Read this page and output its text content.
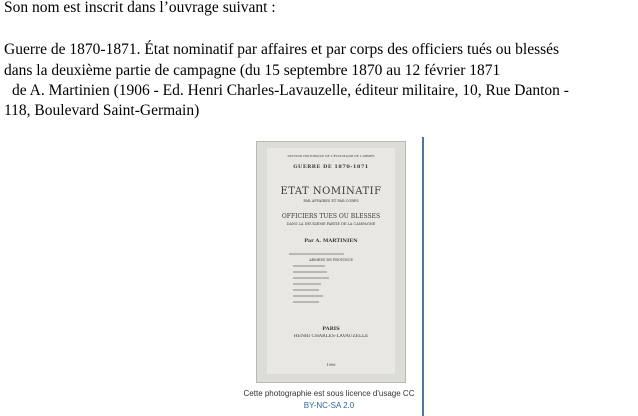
Son nom est inscrit dans l’ouvrage suivant :
Guerre de 1870-1871. État nominatif par affaires et par corps des officiers tués ou blessés
dans la deuxième partie de campagne (du 15 septembre 1870 au 12 février 1871
de A. Martinien (1906 - Ed. Henri Charles-Lavauzelle, éditeur militaire, 10, Rue Danton -
118, Boulevard Saint-Germain)
SECTION HISTORIQUE DE L'ÉTAT-MAJOR DE L'ARMÉE
GUERRE DE 1870-1871
ÉTAT NOMINATIF
PAR AFFAIRES ET PAR CORPS
OFFICIERS TUÉS OU BLESSÉS
DANS LA DEUXIÈME PARTIE DE LA CAMPAGNE
Par A. MARTINIEN
ARMÉES DE PROVINCE
PARIS
HENRI CHARLES-LAVAUZELLE
1906
Cette photographie est sous licence d'usage CC
BY-NC-SA 2.0
